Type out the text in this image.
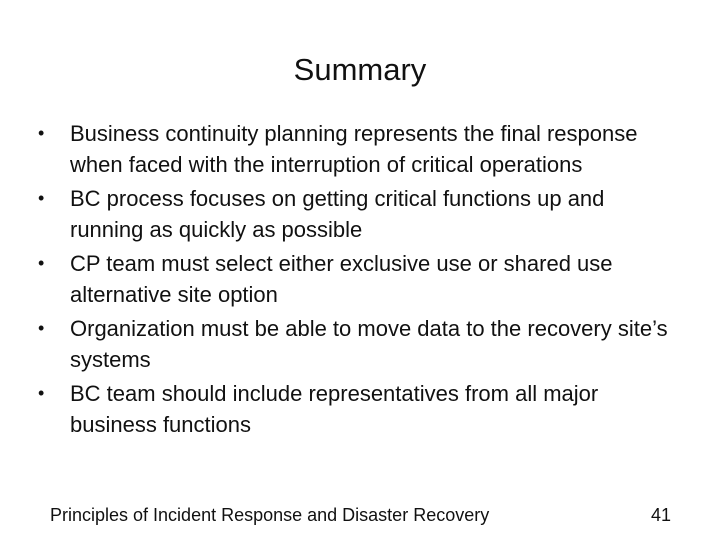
Summary
• Business continuity planning represents the final response when faced with the interruption of critical operations
• BC process focuses on getting critical functions up and running as quickly as possible
• CP team must select either exclusive use or shared use alternative site option
• Organization must be able to move data to the recovery site’s systems
• BC team should include representatives from all major business functions
Principles of Incident Response and Disaster Recovery	41
